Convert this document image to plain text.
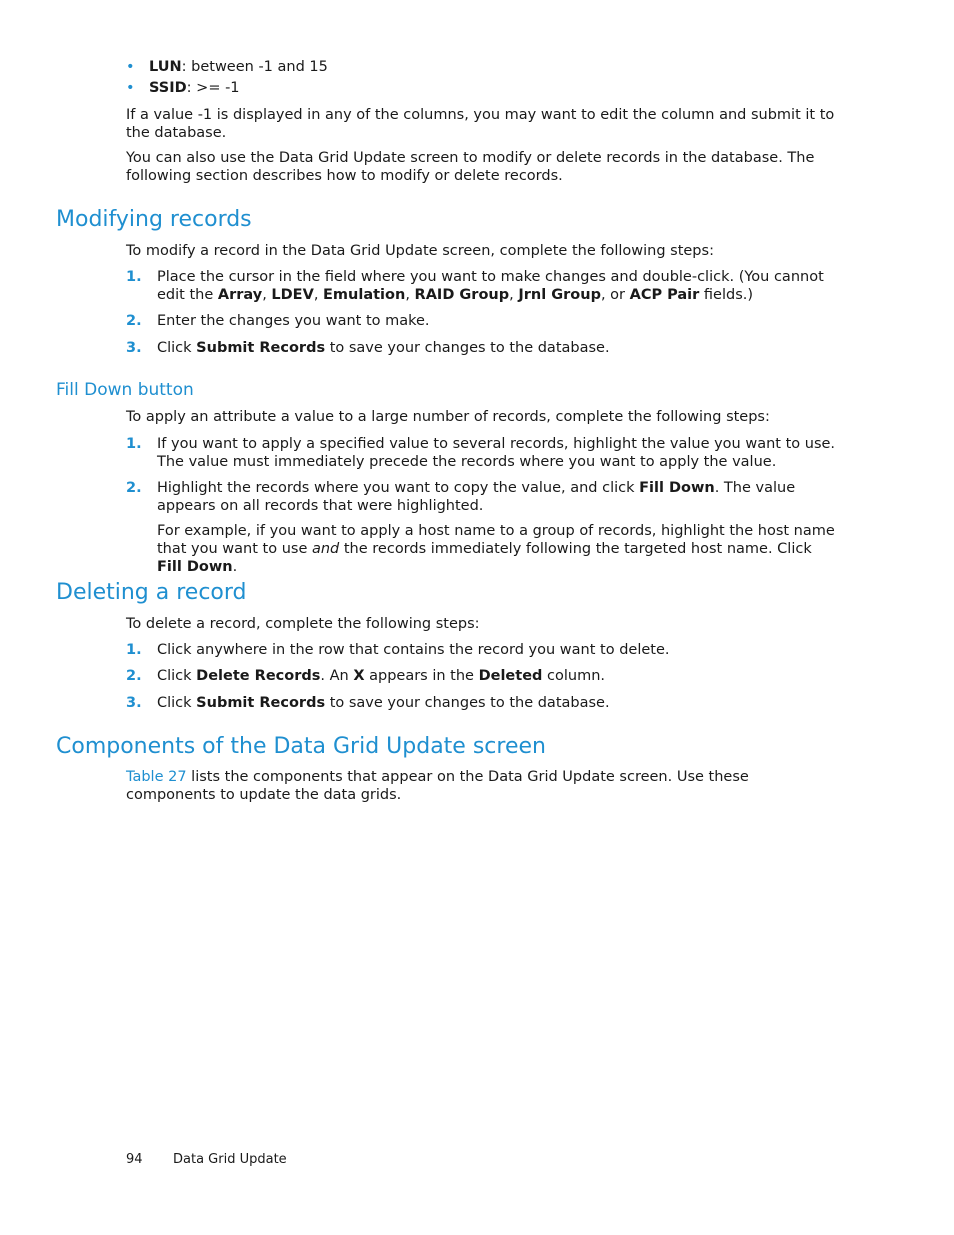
• LUN: between -1 and 15
• SSID: >= -1

If a value -1 is displayed in any of the columns, you may want to edit the column and submit it to the database.

You can also use the Data Grid Update screen to modify or delete records in the database. The following section describes how to modify or delete records.

Modifying records

To modify a record in the Data Grid Update screen, complete the following steps:

1. Place the cursor in the field where you want to make changes and double-click. (You cannot edit the Array, LDEV, Emulation, RAID Group, Jrnl Group, or ACP Pair fields.)
2. Enter the changes you want to make.
3. Click Submit Records to save your changes to the database.
Fill Down button

To apply an attribute a value to a large number of records, complete the following steps:

1. If you want to apply a specified value to several records, highlight the value you want to use. The value must immediately precede the records where you want to apply the value.
2. Highlight the records where you want to copy the value, and click Fill Down. The value appears on all records that were highlighted.
For example, if you want to apply a host name to a group of records, highlight the host name that you want to use and the records immediately following the targeted host name. Click Fill Down.
Deleting a record

To delete a record, complete the following steps:

1. Click anywhere in the row that contains the record you want to delete.
2. Click Delete Records. An X appears in the Deleted column.
3. Click Submit Records to save your changes to the database.
Components of the Data Grid Update screen

Table 27 lists the components that appear on the Data Grid Update screen. Use these components to update the data grids.

94 Data Grid Update
